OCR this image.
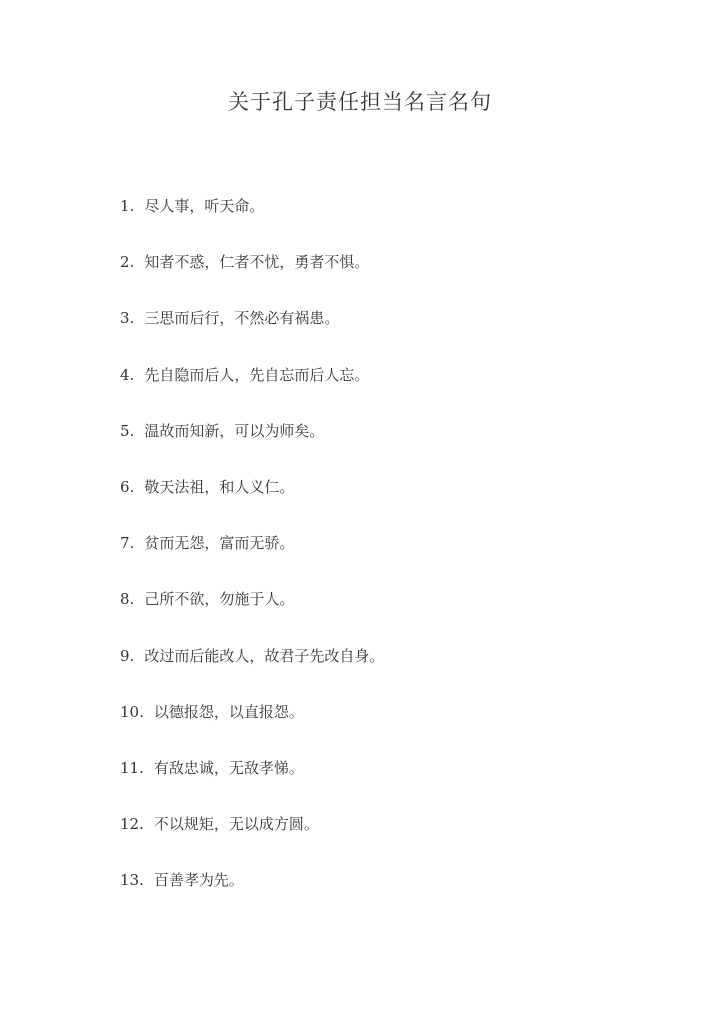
关于孔子责任担当名言名句
1. 尽人事，听天命。
2. 知者不惑，仁者不忧，勇者不惧。
3. 三思而后行，不然必有祸患。
4. 先自隐而后人，先自忘而后人忘。
5. 温故而知新，可以为师矣。
6. 敬天法祖，和人义仁。
7. 贫而无怨，富而无骄。
8. 己所不欲，勿施于人。
9. 改过而后能改人，故君子先改自身。
10. 以德报怨，以直报怨。
11. 有敌忠诚，无敌孝悌。
12. 不以规矩，无以成方圆。
13. 百善孝为先。
